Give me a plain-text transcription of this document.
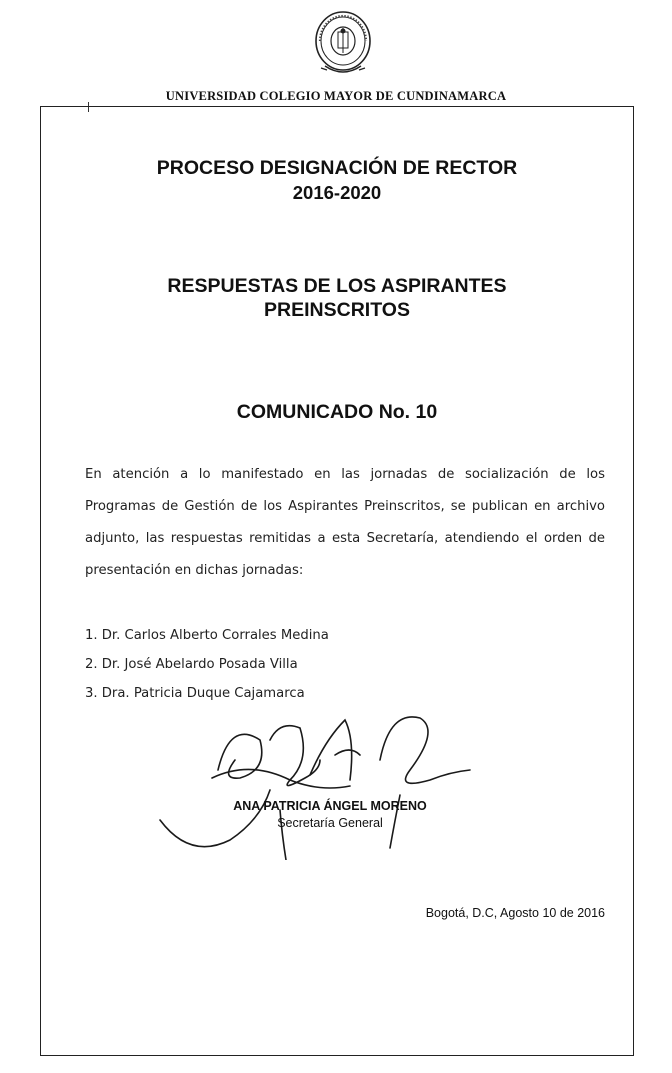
UNIVERSIDAD COLEGIO MAYOR DE CUNDINAMARCA
PROCESO DESIGNACIÓN DE RECTOR
2016-2020
RESPUESTAS DE LOS ASPIRANTES
PREINSCRITOS
COMUNICADO No. 10
En atención a lo manifestado en las jornadas de socialización de los Programas de Gestión de los Aspirantes Preinscritos, se publican en archivo adjunto, las respuestas remitidas a esta Secretaría, atendiendo el orden de presentación en dichas jornadas:
1. Dr. Carlos Alberto Corrales Medina
2. Dr. José Abelardo Posada Villa
3. Dra. Patricia Duque Cajamarca
ANA PATRICIA ÁNGEL MORENO
Secretaría General
Bogotá, D.C, Agosto 10 de 2016
